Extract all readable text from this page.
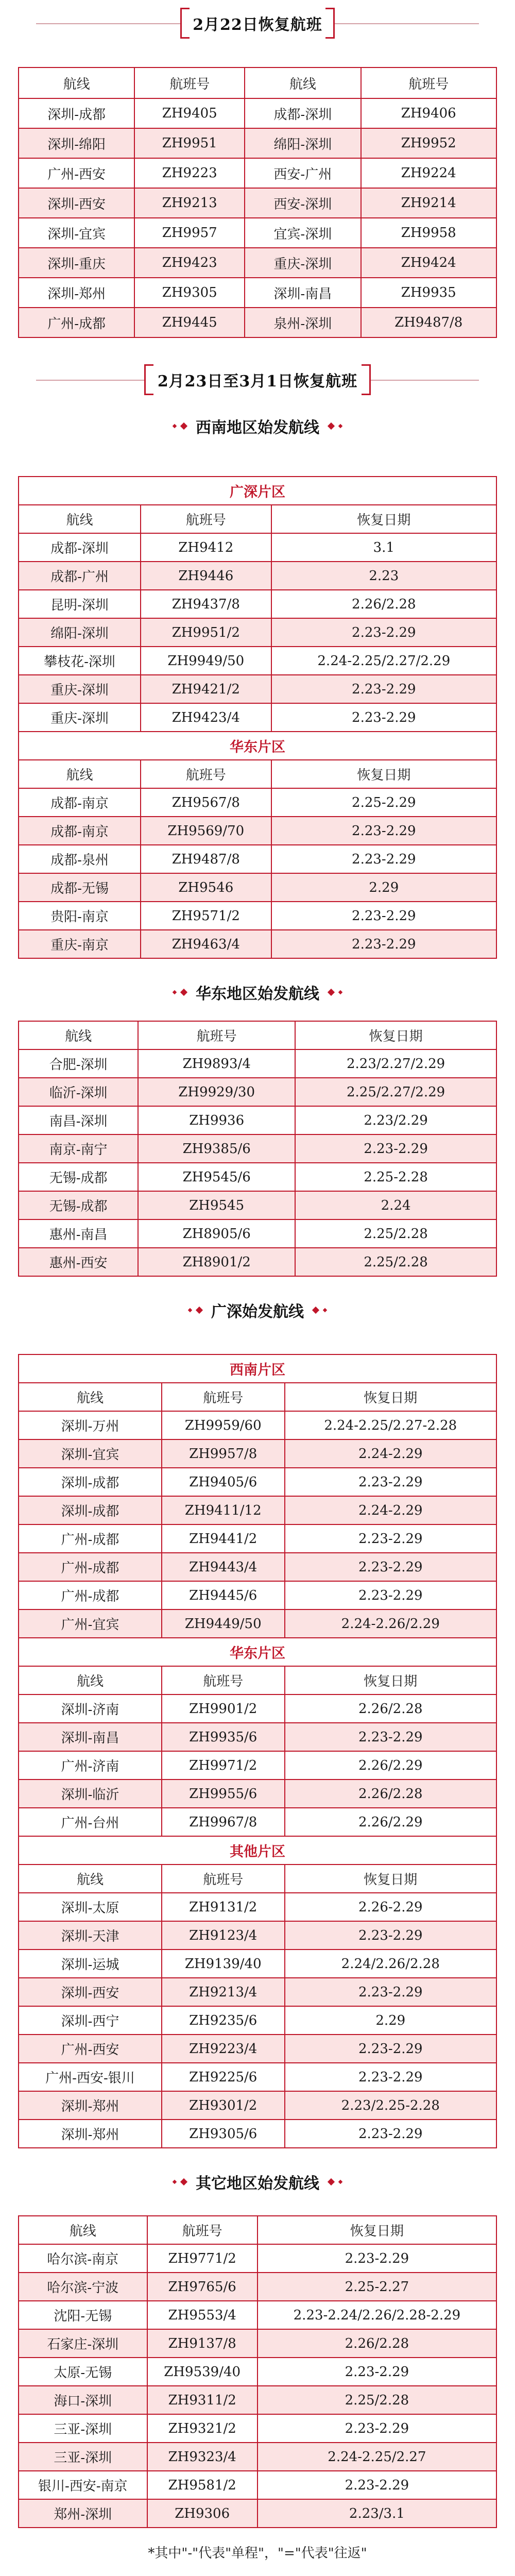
2月22日恢复航班
航线	航班号	航线	航班号
深圳-成都	ZH9405	成都-深圳	ZH9406
深圳-绵阳	ZH9951	绵阳-深圳	ZH9952
广州-西安	ZH9223	西安-广州	ZH9224
深圳-西安	ZH9213	西安-深圳	ZH9214
深圳-宜宾	ZH9957	宜宾-深圳	ZH9958
深圳-重庆	ZH9423	重庆-深圳	ZH9424
深圳-郑州	ZH9305	深圳-南昌	ZH9935
广州-成都	ZH9445	泉州-深圳	ZH9487/8
2月23日至3月1日恢复航班
西南地区始发航线
广深片区		
航线	航班号	恢复日期
成都-深圳	ZH9412	3.1
成都-广州	ZH9446	2.23
昆明-深圳	ZH9437/8	2.26/2.28
绵阳-深圳	ZH9951/2	2.23-2.29
攀枝花-深圳	ZH9949/50	2.24-2.25/2.27/2.29
重庆-深圳	ZH9421/2	2.23-2.29
重庆-深圳	ZH9423/4	2.23-2.29
华东片区		
航线	航班号	恢复日期
成都-南京	ZH9567/8	2.25-2.29
成都-南京	ZH9569/70	2.23-2.29
成都-泉州	ZH9487/8	2.23-2.29
成都-无锡	ZH9546	2.29
贵阳-南京	ZH9571/2	2.23-2.29
重庆-南京	ZH9463/4	2.23-2.29
华东地区始发航线
航线	航班号	恢复日期
合肥-深圳	ZH9893/4	2.23/2.27/2.29
临沂-深圳	ZH9929/30	2.25/2.27/2.29
南昌-深圳	ZH9936	2.23/2.29
南京-南宁	ZH9385/6	2.23-2.29
无锡-成都	ZH9545/6	2.25-2.28
无锡-成都	ZH9545	2.24
惠州-南昌	ZH8905/6	2.25/2.28
惠州-西安	ZH8901/2	2.25/2.28
广深始发航线
西南片区		
航线	航班号	恢复日期
深圳-万州	ZH9959/60	2.24-2.25/2.27-2.28
深圳-宜宾	ZH9957/8	2.24-2.29
深圳-成都	ZH9405/6	2.23-2.29
深圳-成都	ZH9411/12	2.24-2.29
广州-成都	ZH9441/2	2.23-2.29
广州-成都	ZH9443/4	2.23-2.29
广州-成都	ZH9445/6	2.23-2.29
广州-宜宾	ZH9449/50	2.24-2.26/2.29
华东片区		
航线	航班号	恢复日期
深圳-济南	ZH9901/2	2.26/2.28
深圳-南昌	ZH9935/6	2.23-2.29
广州-济南	ZH9971/2	2.26/2.29
深圳-临沂	ZH9955/6	2.26/2.28
广州-台州	ZH9967/8	2.26/2.29
其他片区		
航线	航班号	恢复日期
深圳-太原	ZH9131/2	2.26-2.29
深圳-天津	ZH9123/4	2.23-2.29
深圳-运城	ZH9139/40	2.24/2.26/2.28
深圳-西安	ZH9213/4	2.23-2.29
深圳-西宁	ZH9235/6	2.29
广州-西安	ZH9223/4	2.23-2.29
广州-西安-银川	ZH9225/6	2.23-2.29
深圳-郑州	ZH9301/2	2.23/2.25-2.28
深圳-郑州	ZH9305/6	2.23-2.29
其它地区始发航线
航线	航班号	恢复日期
哈尔滨-南京	ZH9771/2	2.23-2.29
哈尔滨-宁波	ZH9765/6	2.25-2.27
沈阳-无锡	ZH9553/4	2.23-2.24/2.26/2.28-2.29
石家庄-深圳	ZH9137/8	2.26/2.28
太原-无锡	ZH9539/40	2.23-2.29
海口-深圳	ZH9311/2	2.25/2.28
三亚-深圳	ZH9321/2	2.23-2.29
三亚-深圳	ZH9323/4	2.24-2.25/2.27
银川-西安-南京	ZH9581/2	2.23-2.29
郑州-深圳	ZH9306	2.23/3.1
*其中"-"代表"单程"，"="代表"往返"
